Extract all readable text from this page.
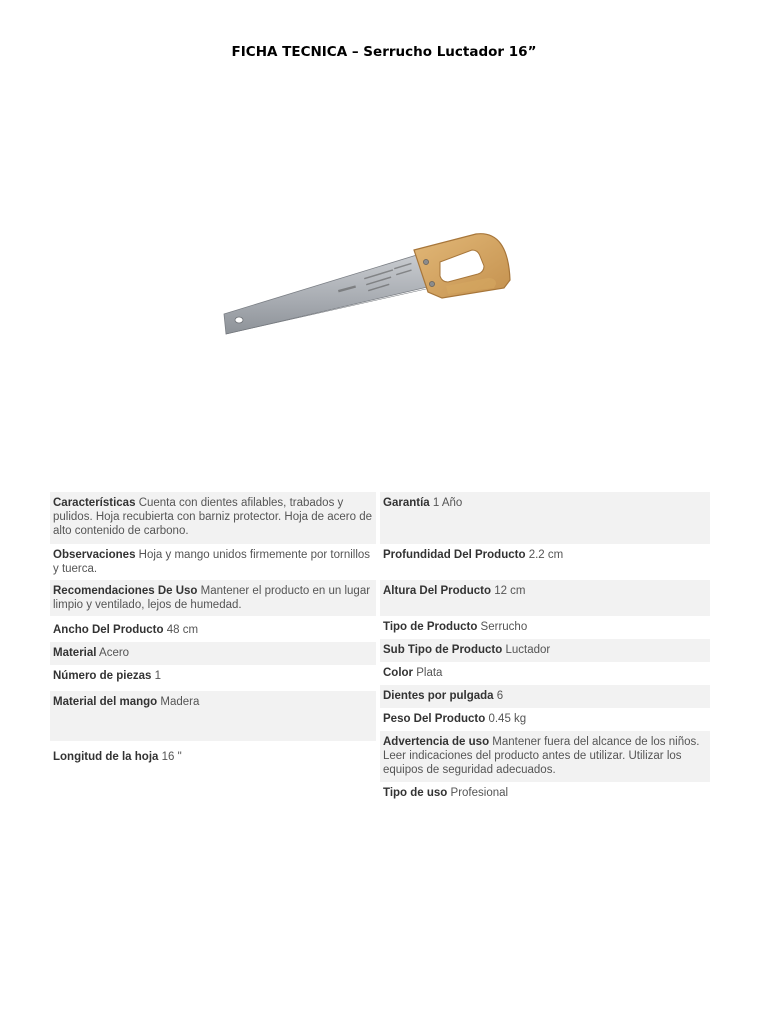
FICHA TECNICA – Serrucho Luctador 16”
Características Cuenta con dientes afilables, trabados y pulidos. Hoja recubierta con barniz protector. Hoja de acero de alto contenido de carbono.
Observaciones Hoja y mango unidos firmemente por tornillos y tuerca.
Recomendaciones De Uso Mantener el producto en un lugar limpio y ventilado, lejos de humedad.
Ancho Del Producto 48 cm
Material Acero
Número de piezas 1
Material del mango Madera
Longitud de la hoja 16 "
Garantía 1 Año
Profundidad Del Producto 2.2 cm
Altura Del Producto 12 cm
Tipo de Producto Serrucho
Sub Tipo de Producto Luctador
Color Plata
Dientes por pulgada 6
Peso Del Producto 0.45 kg
Advertencia de uso Mantener fuera del alcance de los niños. Leer indicaciones del producto antes de utilizar. Utilizar los equipos de seguridad adecuados.
Tipo de uso Profesional
